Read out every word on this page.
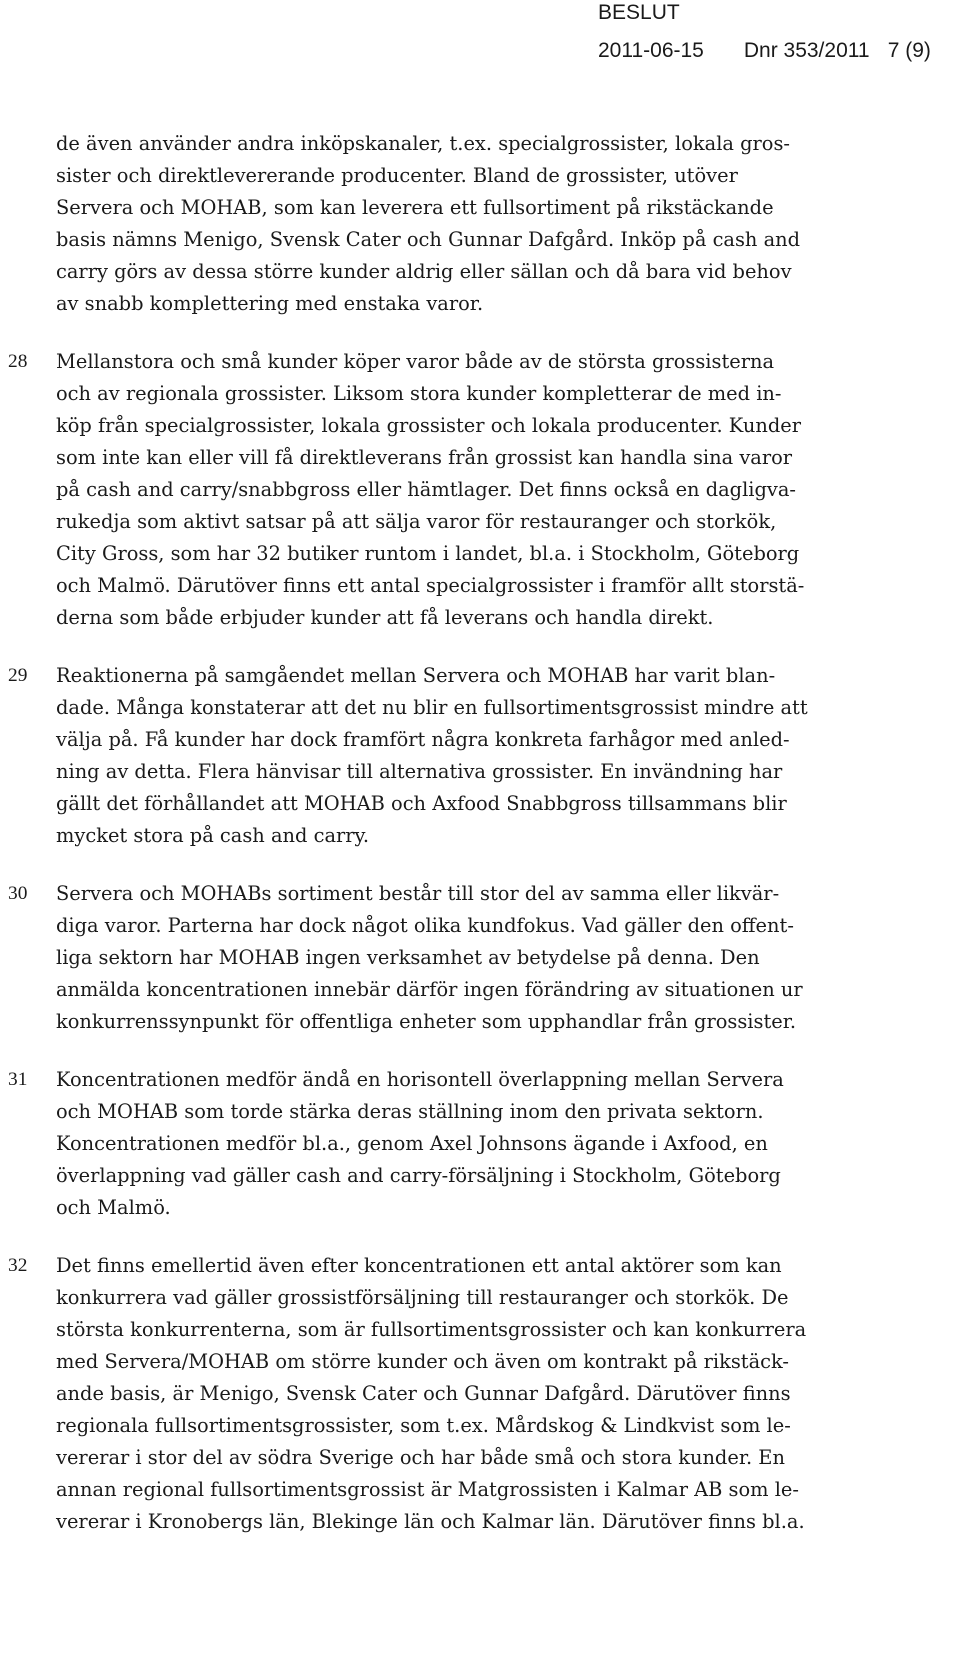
BESLUT
2011-06-15 Dnr 353/2011 7 (9)
de även använder andra inköpskanaler, t.ex. specialgrossister, lokala gros-
sister och direktlevererande producenter. Bland de grossister, utöver
Servera och MOHAB, som kan leverera ett fullsortiment på rikstäckande
basis nämns Menigo, Svensk Cater och Gunnar Dafgård. Inköp på cash and
carry görs av dessa större kunder aldrig eller sällan och då bara vid behov
av snabb komplettering med enstaka varor.
28	Mellanstora och små kunder köper varor både av de största grossisterna
och av regionala grossister. Liksom stora kunder kompletterar de med in-
köp från specialgrossister, lokala grossister och lokala producenter. Kunder
som inte kan eller vill få direktleverans från grossist kan handla sina varor
på cash and carry/snabbgross eller hämtlager. Det finns också en dagligva-
rukedja som aktivt satsar på att sälja varor för restauranger och storkök,
City Gross, som har 32 butiker runtom i landet, bl.a. i Stockholm, Göteborg
och Malmö. Därutöver finns ett antal specialgrossister i framför allt storstä-
derna som både erbjuder kunder att få leverans och handla direkt.
29	Reaktionerna på samgåendet mellan Servera och MOHAB har varit blan-
dade. Många konstaterar att det nu blir en fullsortimentsgrossist mindre att
välja på. Få kunder har dock framfört några konkreta farhågor med anled-
ning av detta. Flera hänvisar till alternativa grossister. En invändning har
gällt det förhållandet att MOHAB och Axfood Snabbgross tillsammans blir
mycket stora på cash and carry.
30	Servera och MOHABs sortiment består till stor del av samma eller likvär-
diga varor. Parterna har dock något olika kundfokus. Vad gäller den offent-
liga sektorn har MOHAB ingen verksamhet av betydelse på denna. Den
anmälda koncentrationen innebär därför ingen förändring av situationen ur
konkurrenssynpunkt för offentliga enheter som upphandlar från grossister.
31	Koncentrationen medför ändå en horisontell överlappning mellan Servera
och MOHAB som torde stärka deras ställning inom den privata sektorn.
Koncentrationen medför bl.a., genom Axel Johnsons ägande i Axfood, en
överlappning vad gäller cash and carry-försäljning i Stockholm, Göteborg
och Malmö.
32	Det finns emellertid även efter koncentrationen ett antal aktörer som kan
konkurrera vad gäller grossistförsäljning till restauranger och storkök. De
största konkurrenterna, som är fullsortimentsgrossister och kan konkurrera
med Servera/MOHAB om större kunder och även om kontrakt på rikstäck-
ande basis, är Menigo, Svensk Cater och Gunnar Dafgård. Därutöver finns
regionala fullsortimentsgrossister, som t.ex. Mårdskog & Lindkvist som le-
vererar i stor del av södra Sverige och har både små och stora kunder. En
annan regional fullsortimentsgrossist är Matgrossisten i Kalmar AB som le-
vererar i Kronobergs län, Blekinge län och Kalmar län. Därutöver finns bl.a.
